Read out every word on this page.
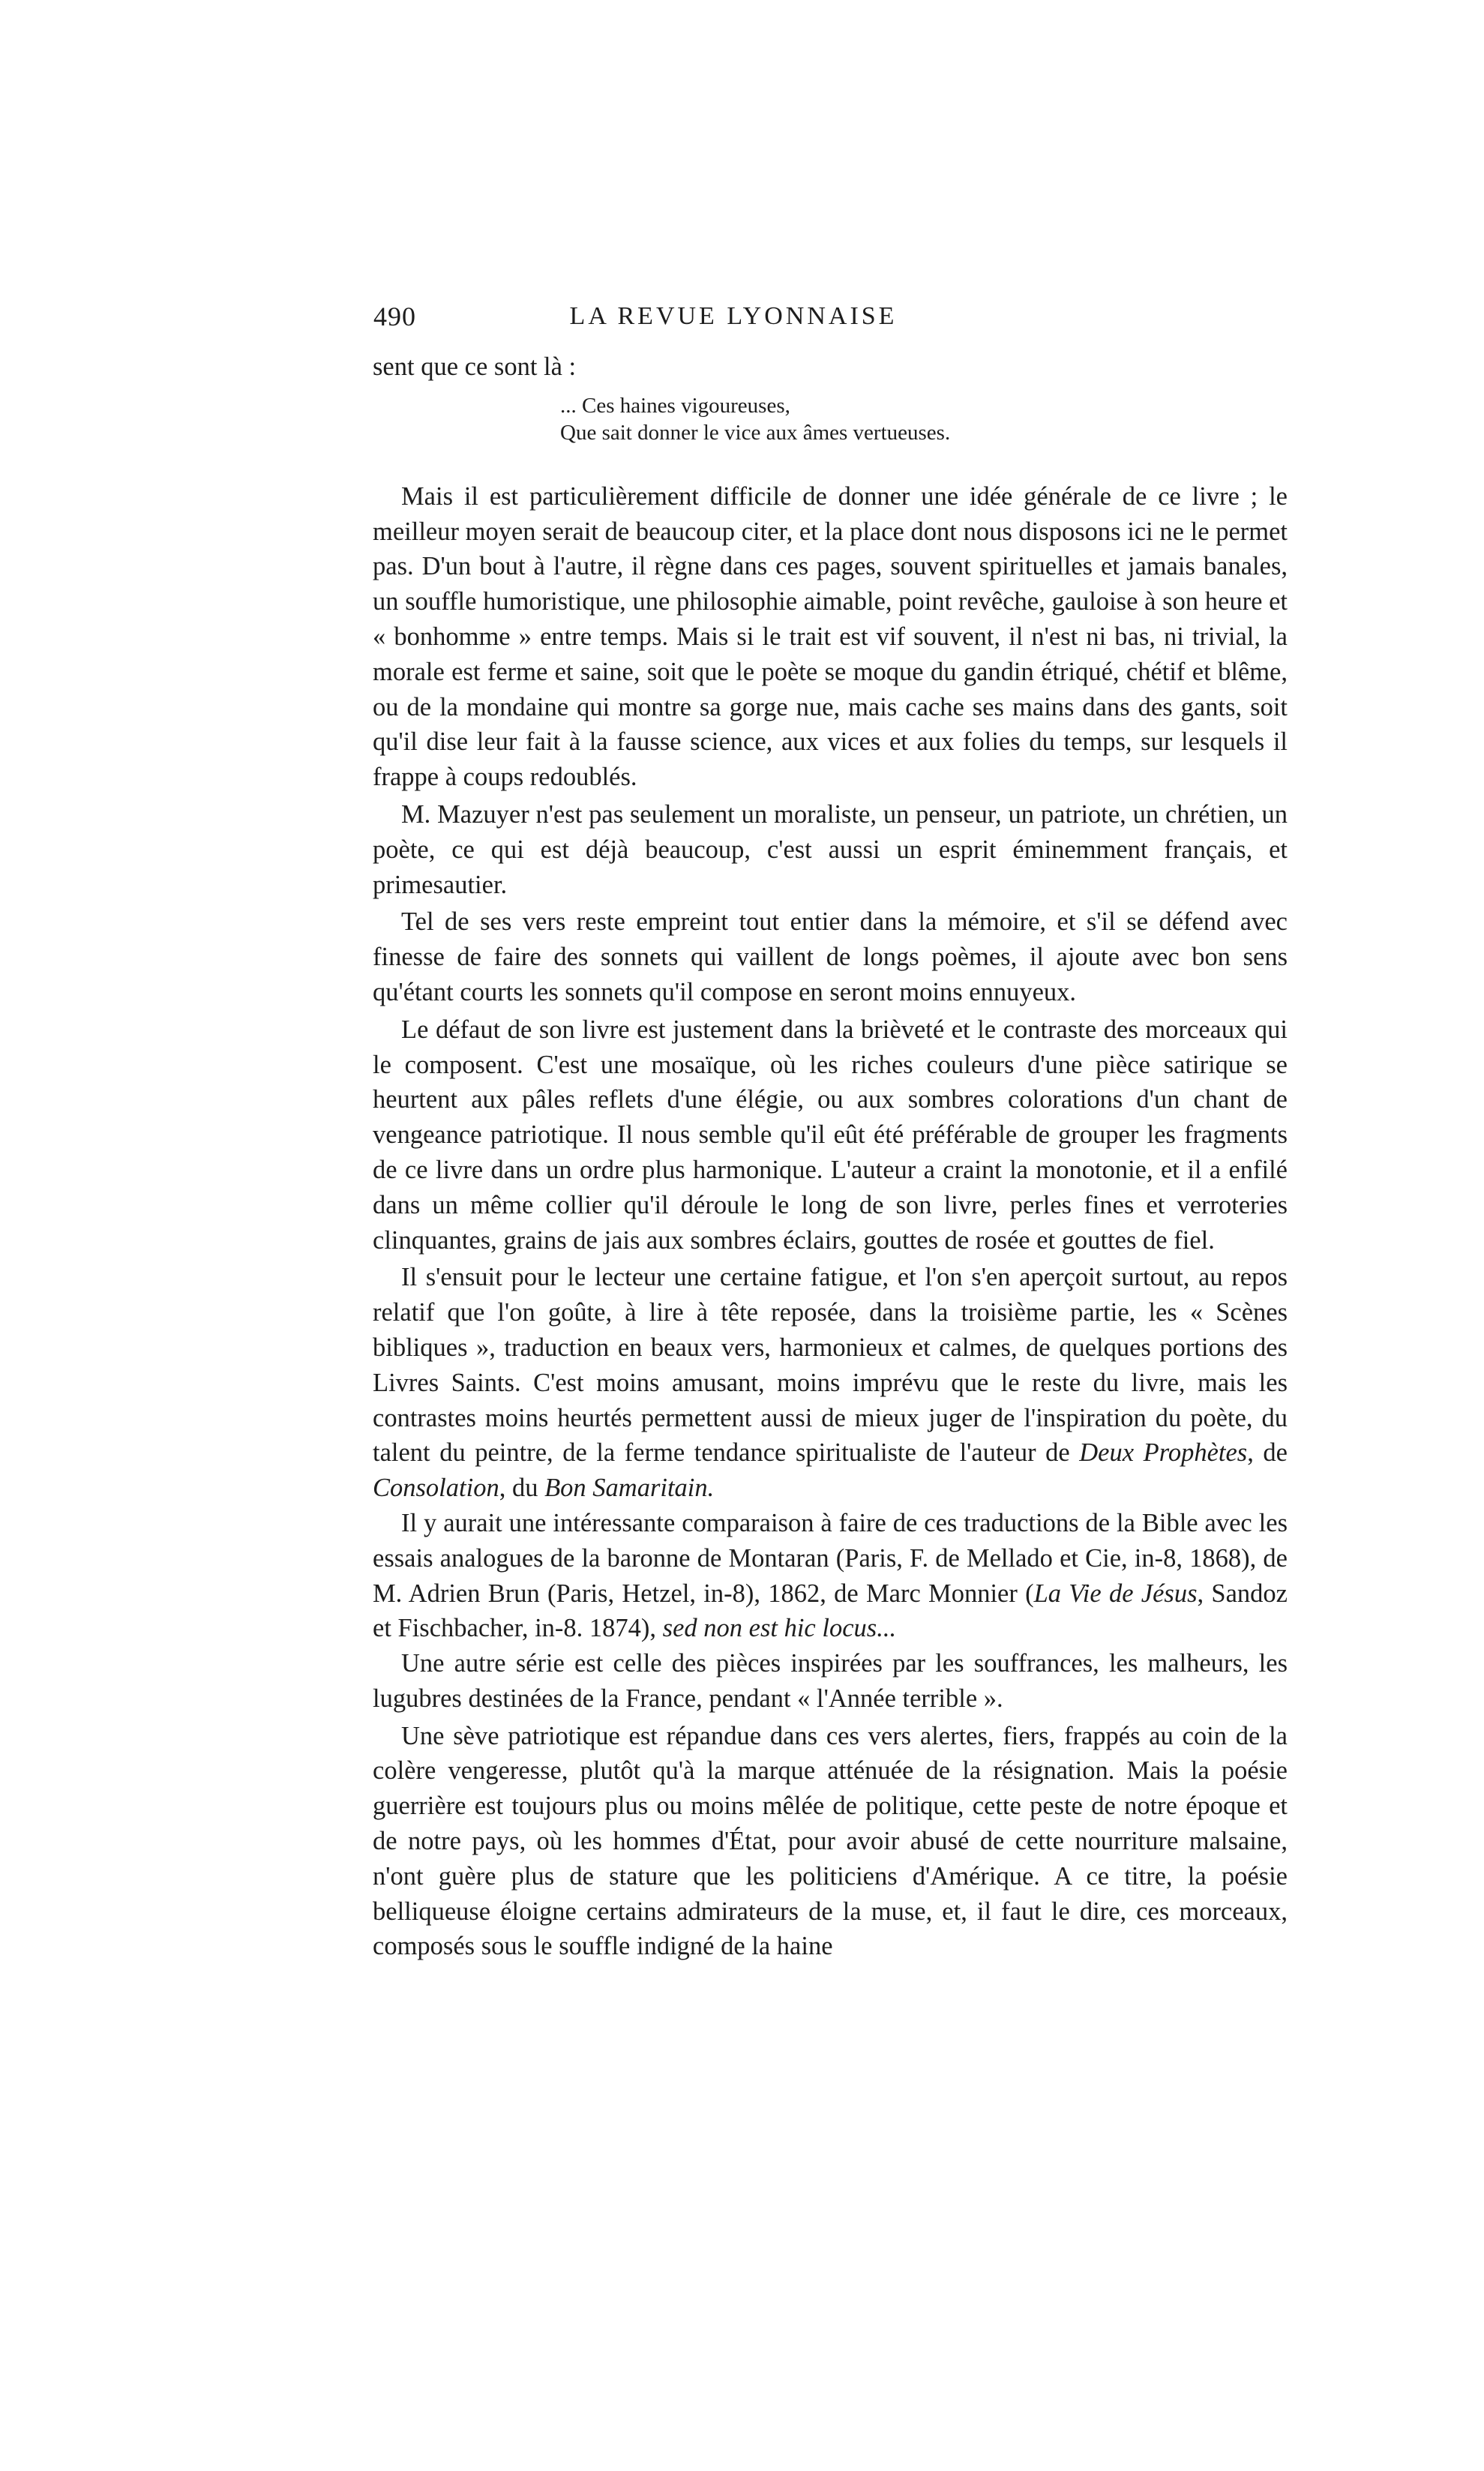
490	LA REVUE LYONNAISE

sent que ce sont là :

... Ces haines vigoureuses,
Que sait donner le vice aux âmes vertueuses.

Mais il est particulièrement difficile de donner une idée générale de ce livre ; le meilleur moyen serait de beaucoup citer, et la place dont nous disposons ici ne le permet pas. D'un bout à l'autre, il règne dans ces pages, souvent spirituelles et jamais banales, un souffle humoristique, une philosophie aimable, point revêche, gauloise à son heure et « bonhomme » entre temps. Mais si le trait est vif souvent, il n'est ni bas, ni trivial, la morale est ferme et saine, soit que le poète se moque du gandin étriqué, chétif et blême, ou de la mondaine qui montre sa gorge nue, mais cache ses mains dans des gants, soit qu'il dise leur fait à la fausse science, aux vices et aux folies du temps, sur lesquels il frappe à coups redoublés.

M. Mazuyer n'est pas seulement un moraliste, un penseur, un patriote, un chrétien, un poète, ce qui est déjà beaucoup, c'est aussi un esprit éminemment français, et primesautier.

Tel de ses vers reste empreint tout entier dans la mémoire, et s'il se défend avec finesse de faire des sonnets qui vaillent de longs poèmes, il ajoute avec bon sens qu'étant courts les sonnets qu'il compose en seront moins ennuyeux.

Le défaut de son livre est justement dans la brièveté et le contraste des morceaux qui le composent. C'est une mosaïque, où les riches couleurs d'une pièce satirique se heurtent aux pâles reflets d'une élégie, ou aux sombres colorations d'un chant de vengeance patriotique. Il nous semble qu'il eût été préférable de grouper les fragments de ce livre dans un ordre plus harmonique. L'auteur a craint la monotonie, et il a enfilé dans un même collier qu'il déroule le long de son livre, perles fines et verroteries clinquantes, grains de jais aux sombres éclairs, gouttes de rosée et gouttes de fiel.

Il s'ensuit pour le lecteur une certaine fatigue, et l'on s'en aperçoit surtout, au repos relatif que l'on goûte, à lire à tête reposée, dans la troisième partie, les « Scènes bibliques », traduction en beaux vers, harmonieux et calmes, de quelques portions des Livres Saints. C'est moins amusant, moins imprévu que le reste du livre, mais les contrastes moins heurtés permettent aussi de mieux juger de l'inspiration du poète, du talent du peintre, de la ferme tendance spiritualiste de l'auteur de Deux Prophètes, de Consolation, du Bon Samaritain.

Il y aurait une intéressante comparaison à faire de ces traductions de la Bible avec les essais analogues de la baronne de Montaran (Paris, F. de Mellado et Cie, in-8, 1868), de M. Adrien Brun (Paris, Hetzel, in-8), 1862, de Marc Monnier (La Vie de Jésus, Sandoz et Fischbacher, in-8. 1874), sed non est hic locus...

Une autre série est celle des pièces inspirées par les souffrances, les malheurs, les lugubres destinées de la France, pendant « l'Année terrible ».

Une sève patriotique est répandue dans ces vers alertes, fiers, frappés au coin de la colère vengeresse, plutôt qu'à la marque atténuée de la résignation. Mais la poésie guerrière est toujours plus ou moins mêlée de politique, cette peste de notre époque et de notre pays, où les hommes d'État, pour avoir abusé de cette nourriture malsaine, n'ont guère plus de stature que les politiciens d'Amérique. A ce titre, la poésie belliqueuse éloigne certains admirateurs de la muse, et, il faut le dire, ces morceaux, composés sous le souffle indigné de la haine
